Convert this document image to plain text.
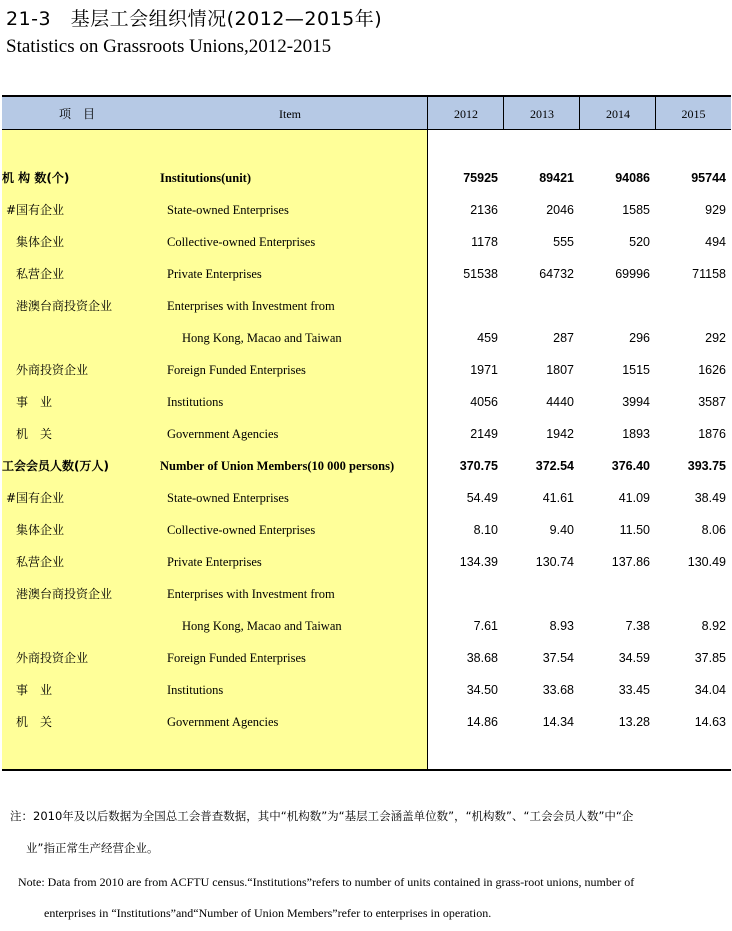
21-3　基层工会组织情况(2012—2015年)
Statistics on Grassroots Unions,2012-2015
项　目	Item	2012	2013	2014	2015
机 构 数(个)	Institutions(unit)	75925	89421	94086	95744
#国有企业	State-owned Enterprises	2136	2046	1585	929
集体企业	Collective-owned Enterprises	1178	555	520	494
私营企业	Private Enterprises	51538	64732	69996	71158
港澳台商投资企业	Enterprises with Investment from
Hong Kong, Macao and Taiwan	459	287	296	292
外商投资企业	Foreign Funded Enterprises	1971	1807	1515	1626
事　业	Institutions	4056	4440	3994	3587
机　关	Government Agencies	2149	1942	1893	1876
工会会员人数(万人)	Number of Union Members(10 000 persons)	370.75	372.54	376.40	393.75
#国有企业	State-owned Enterprises	54.49	41.61	41.09	38.49
集体企业	Collective-owned Enterprises	8.10	9.40	11.50	8.06
私营企业	Private Enterprises	134.39	130.74	137.86	130.49
港澳台商投资企业	Enterprises with Investment from
Hong Kong, Macao and Taiwan	7.61	8.93	7.38	8.92
外商投资企业	Foreign Funded Enterprises	38.68	37.54	34.59	37.85
事　业	Institutions	34.50	33.68	33.45	34.04
机　关	Government Agencies	14.86	14.34	13.28	14.63
注：2010年及以后数据为全国总工会普查数据，其中“机构数”为“基层工会涵盖单位数”，“机构数”、“工会会员人数”中“企
业”指正常生产经营企业。
Note: Data from 2010 are from ACFTU census.“Institutions”refers to number of units contained in grass-root unions, number of
enterprises in “Institutions”and“Number of Union Members”refer to enterprises in operation.
